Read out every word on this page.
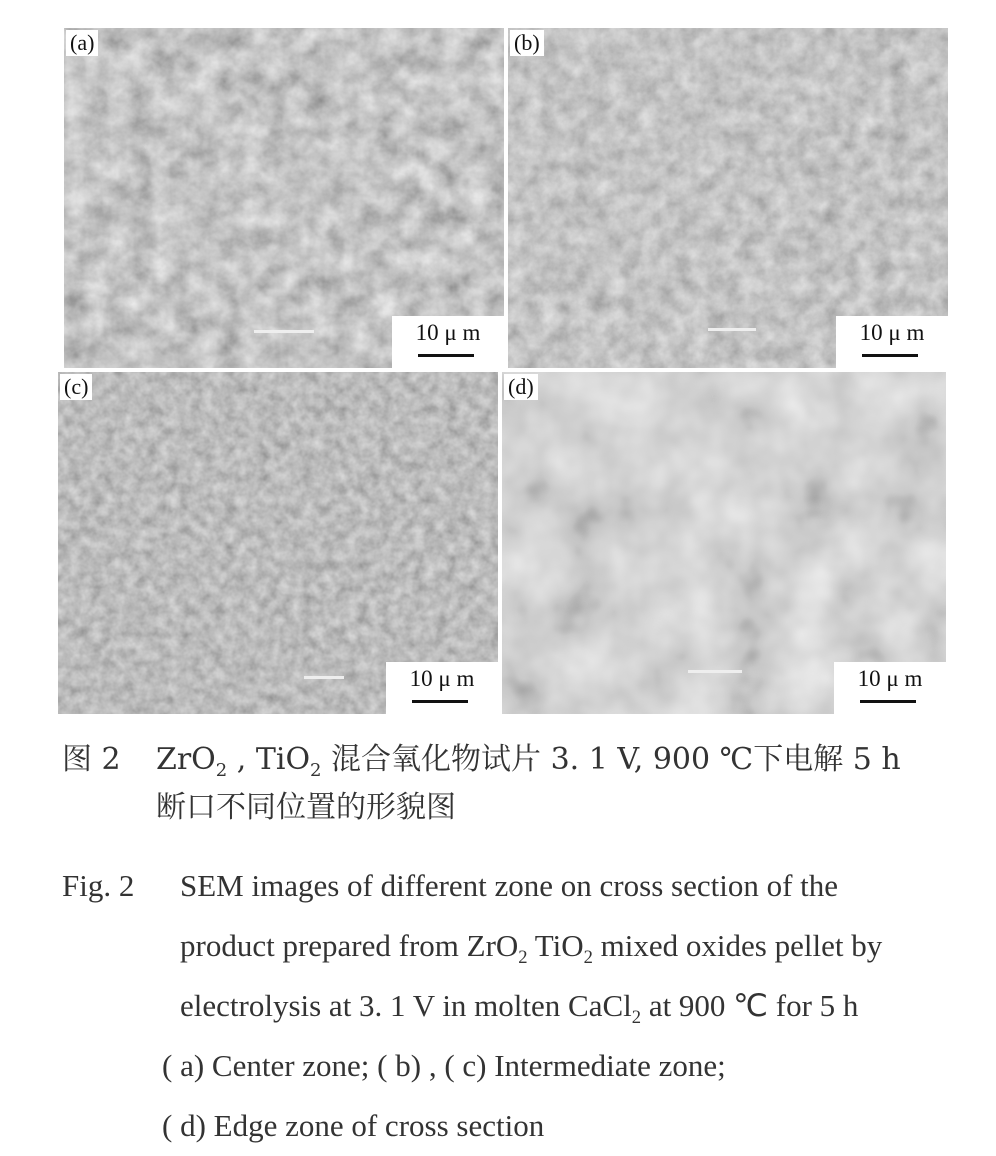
(a)
10 μ m
(b)
10 μ m
(c)
10 μ m
(d)
10 μ m
图 2 ZrO$_2$ , TiO$_2$ 混合氧化物试片 3. 1 V, 900 ℃下电解 5 h
断口不同位置的形貌图
Fig. 2 SEM images of different zone on cross section of the
product prepared from ZrO$_2$ TiO$_2$ mixed oxides pellet by
electrolysis at 3. 1 V in molten CaCl$_2$ at 900 ℃ for 5 h
( a) Center zone; ( b) , ( c) Intermediate zone;
( d) Edge zone of cross section
